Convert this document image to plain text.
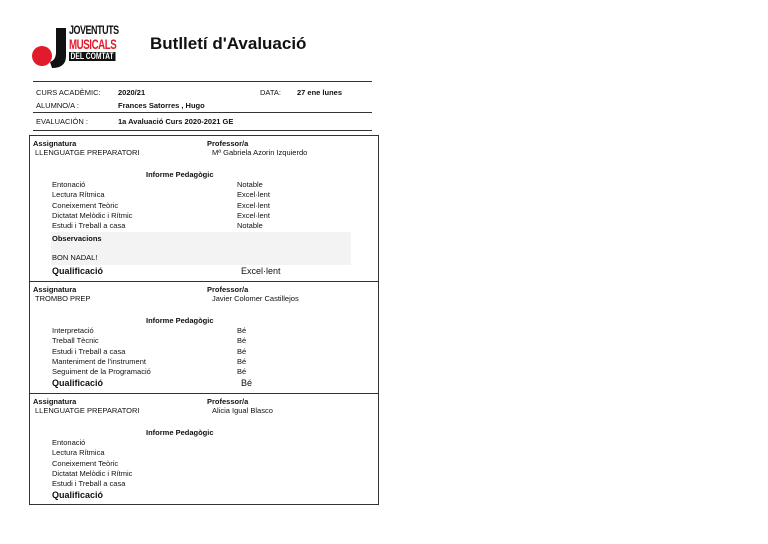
JOVENTUTS
MUSICALS
DEL COMTAT
Butlletí d'Avaluació
CURS ACADÈMIC: 2020/21	DATA: 27 ene lunes
ALUMNO/A :	Frances Satorres , Hugo
EVALUACIÓN :	1a Avaluació Curs 2020-2021 GE
Assignatura	Professor/a
LLENGUATGE PREPARATORI	Mª Gabriela Azorin Izquierdo
Informe Pedagògic
Entonació	Notable
Lectura Rítmica	Excel·lent
Coneixement Teòric	Excel·lent
Dictatat Melòdic i Rítmic	Excel·lent
Estudi i Treball a casa	Notable
Observacions
BON NADAL!
Qualificació	Excel·lent
Assignatura	Professor/a
TROMBO PREP	Javier Colomer Castillejos
Informe Pedagògic
Interpretació	Bé
Treball Tècnic	Bé
Estudi i Treball a casa	Bé
Manteniment de l'instrument	Bé
Seguiment de la Programació	Bé
Qualificació	Bé
Assignatura	Professor/a
LLENGUATGE PREPARATORI	Alicia Igual Blasco
Informe Pedagògic
Entonació
Lectura Rítmica
Coneixement Teòric
Dictatat Melòdic i Rítmic
Estudi i Treball a casa
Qualificació
